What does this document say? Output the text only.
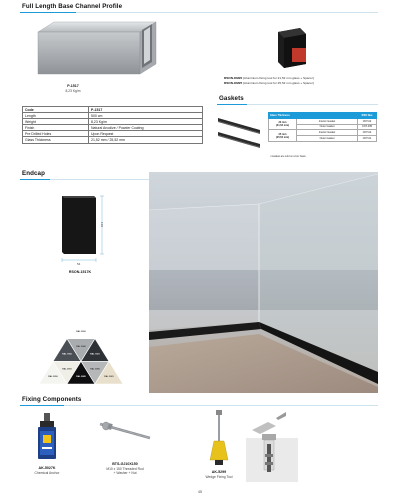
Full Length Base Channel Profile
P-1517
8,23 Kg/m
RSON-KM20 [Aluminium fixing tool for 21,52 mm glass + Spacer]
RSON-KM25 [Aluminium fixing tool for 25,52 mm glass + Spacer]
Code	P-1517
Length	500 cm
Weight	8,23 Kg/m
Finish	Natural Anodize / Powder Coating
Pre Drilled Holes	Upon Request
Glass Thickness	21,52 mm / 25,52 mm
Gaskets
Glass Thickness		RSO Nee
20 mm
(21,52 mm)	Interior Gasket	CNT-02
	Outer Gasket	CNT-035
25 mm
(25,52 mm)	Interior Gasket	CNT-02
	Outer Gasket	CNT-01
• Gaskets are sold on a box basis.
Endcap
130
54
RSON-1517K
RAL 9016
RAL 7016
RAL 9006
RAL 7021
RAL 9016
RAL 9010
RAL 9005
RAL 9006
RAL 9001
Fixing Components
AK-5027K
Chemical Anchor
BTS-GJ10X150
M10 x 150 Threaded Rod
+ Washer + Nut	AK-5299
Wedge Fixing Tool
45
